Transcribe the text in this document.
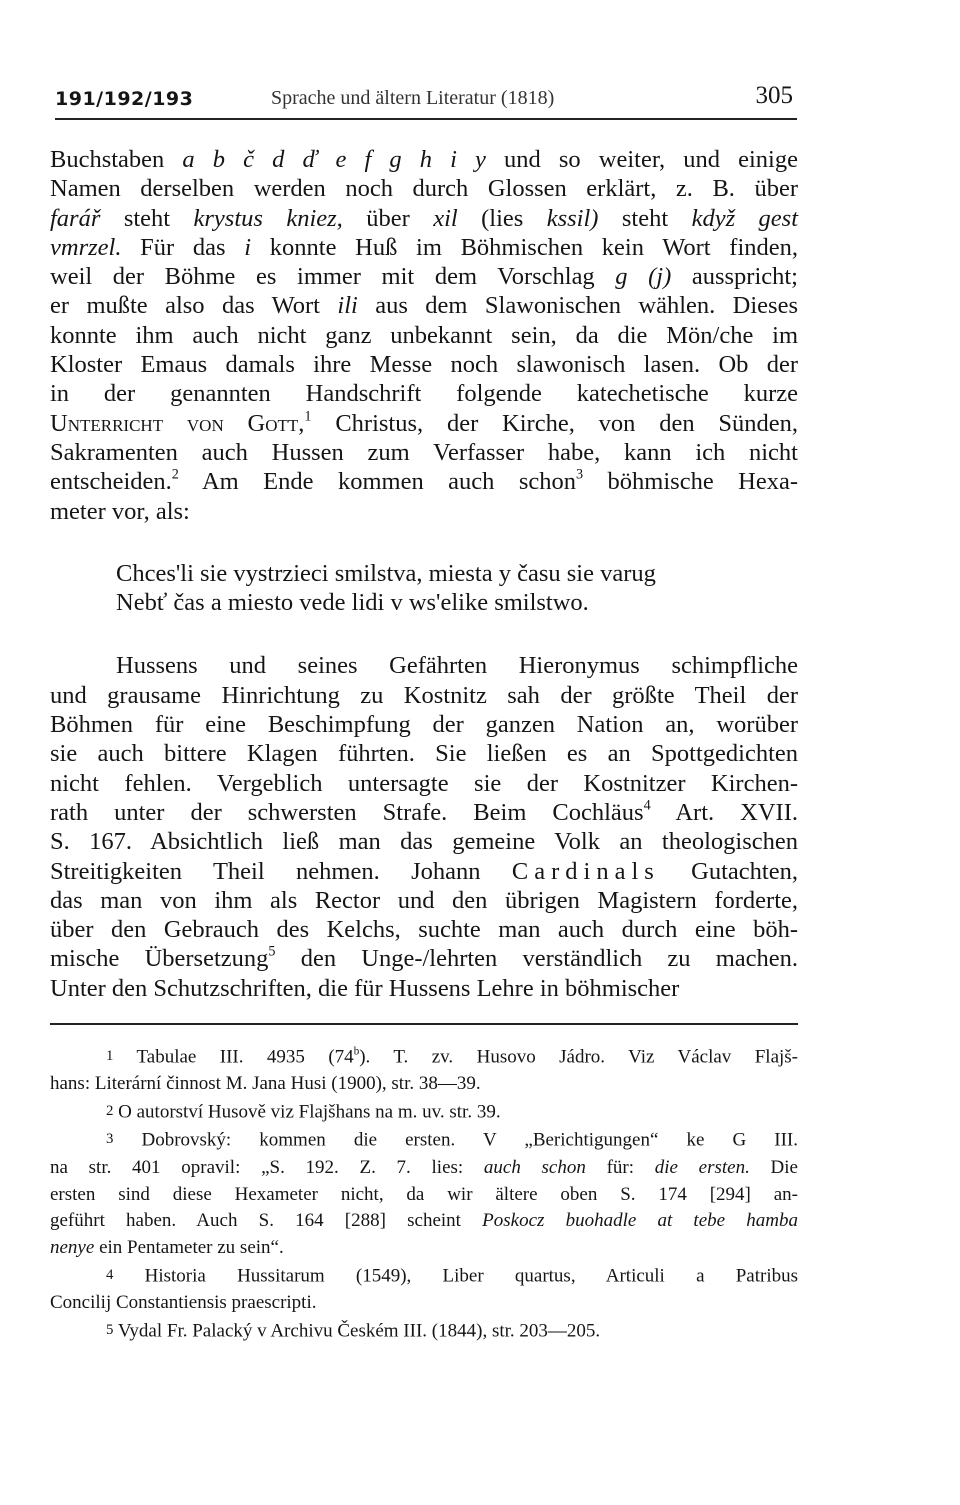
191/192/193	Sprache und ältern Literatur (1818)	305
Buchstaben a b č d ď e f g h i y und so weiter, und einige
Namen derselben werden noch durch Glossen erklärt, z. B. über
farář steht krystus kniez, über xil (lies kssil) steht když gest
vmrzel. Für das i konnte Huß im Böhmischen kein Wort finden,
weil der Böhme es immer mit dem Vorschlag g (j) ausspricht;
er mußte also das Wort ili aus dem Slawonischen wählen. Dieses
konnte ihm auch nicht ganz unbekannt sein, da die Mön/che im
Kloster Emaus damals ihre Messe noch slawonisch lasen. Ob der
in der genannten Handschrift folgende katechetische kurze
Unterricht von Gott,$^1$ Christus, der Kirche, von den Sünden,
Sakramenten auch Hussen zum Verfasser habe, kann ich nicht
entscheiden.$^2$ Am Ende kommen auch schon$^3$ böhmische Hexa-
meter vor, als:
Chces'li sie vystrzieci smilstva, miesta y času sie varug
Nebť čas a miesto vede lidi v ws'elike smilstwo.
Hussens und seines Gefährten Hieronymus schimpfliche
und grausame Hinrichtung zu Kostnitz sah der größte Theil der
Böhmen für eine Beschimpfung der ganzen Nation an, worüber
sie auch bittere Klagen führten. Sie ließen es an Spottgedichten
nicht fehlen. Vergeblich untersagte sie der Kostnitzer Kirchen-
rath unter der schwersten Strafe. Beim Cochläus$^4$ Art. XVII.
S. 167. Absichtlich ließ man das gemeine Volk an theologischen
Streitigkeiten Theil nehmen. Johann Cardinals Gutachten,
das man von ihm als Rector und den übrigen Magistern forderte,
über den Gebrauch des Kelchs, suchte man auch durch eine böh-
mische Übersetzung$^5$ den Unge-/lehrten verständlich zu machen.
Unter den Schutzschriften, die für Hussens Lehre in böhmischer
1 Tabulae III. 4935 (74$^b$). T. zv. Husovo Jádro. Viz Václav Flajš-
hans: Literární činnost M. Jana Husi (1900), str. 38—39.
2 O autorství Husově viz Flajšhans na m. uv. str. 39.
3 Dobrovský: kommen die ersten. V „Berichtigungen“ ke G III.
na str. 401 opravil: „S. 192. Z. 7. lies: auch schon für: die ersten. Die
ersten sind diese Hexameter nicht, da wir ältere oben S. 174 [294] an-
geführt haben. Auch S. 164 [288] scheint Poskocz buohadle at tebe hamba
nenye ein Pentameter zu sein“.
4 Historia Hussitarum (1549), Liber quartus, Articuli a Patribus
Concilij Constantiensis praescripti.
5 Vydal Fr. Palacký v Archivu Českém III. (1844), str. 203—205.
